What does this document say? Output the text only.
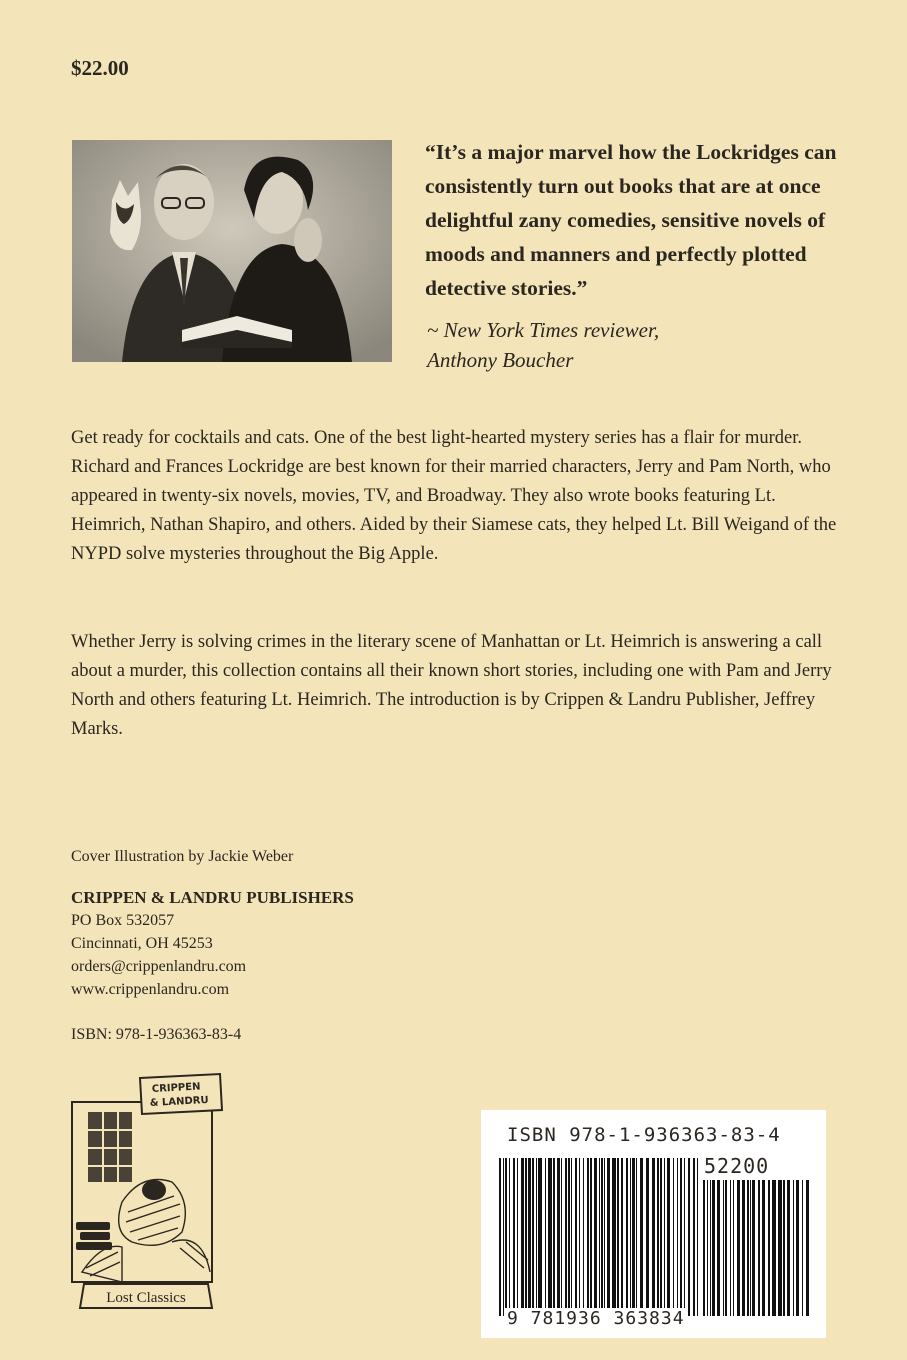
$22.00

“It’s a major marvel how the Lockridges can consistently turn out books that are at once delightful zany comedies, sensitive novels of moods and manners and perfectly plotted detective stories.”

~ New York Times reviewer,
Anthony Boucher

Get ready for cocktails and cats. One of the best light-hearted mystery series has a flair for murder. Richard and Frances Lockridge are best known for their married characters, Jerry and Pam North, who appeared in twenty-six novels, movies, TV, and Broadway. They also wrote books featuring Lt. Heimrich, Nathan Shapiro, and others. Aided by their Siamese cats, they helped Lt. Bill Weigand of the NYPD solve mysteries throughout the Big Apple.

Whether Jerry is solving crimes in the literary scene of Manhattan or Lt. Heimrich is answering a call about a murder, this collection contains all their known short stories, including one with Pam and Jerry North and others featuring Lt. Heimrich. The introduction is by Crippen & Landru Publisher, Jeffrey Marks.

Cover Illustration by Jackie Weber
CRIPPEN & LANDRU PUBLISHERS
PO Box 532057
Cincinnati, OH 45253
orders@crippenlandru.com
www.crippenlandru.com
ISBN: 978-1-936363-83-4
CRIPPEN
& LANDRU
Lost Classics
ISBN 978-1-936363-83-4
52200
9 781936 363834
